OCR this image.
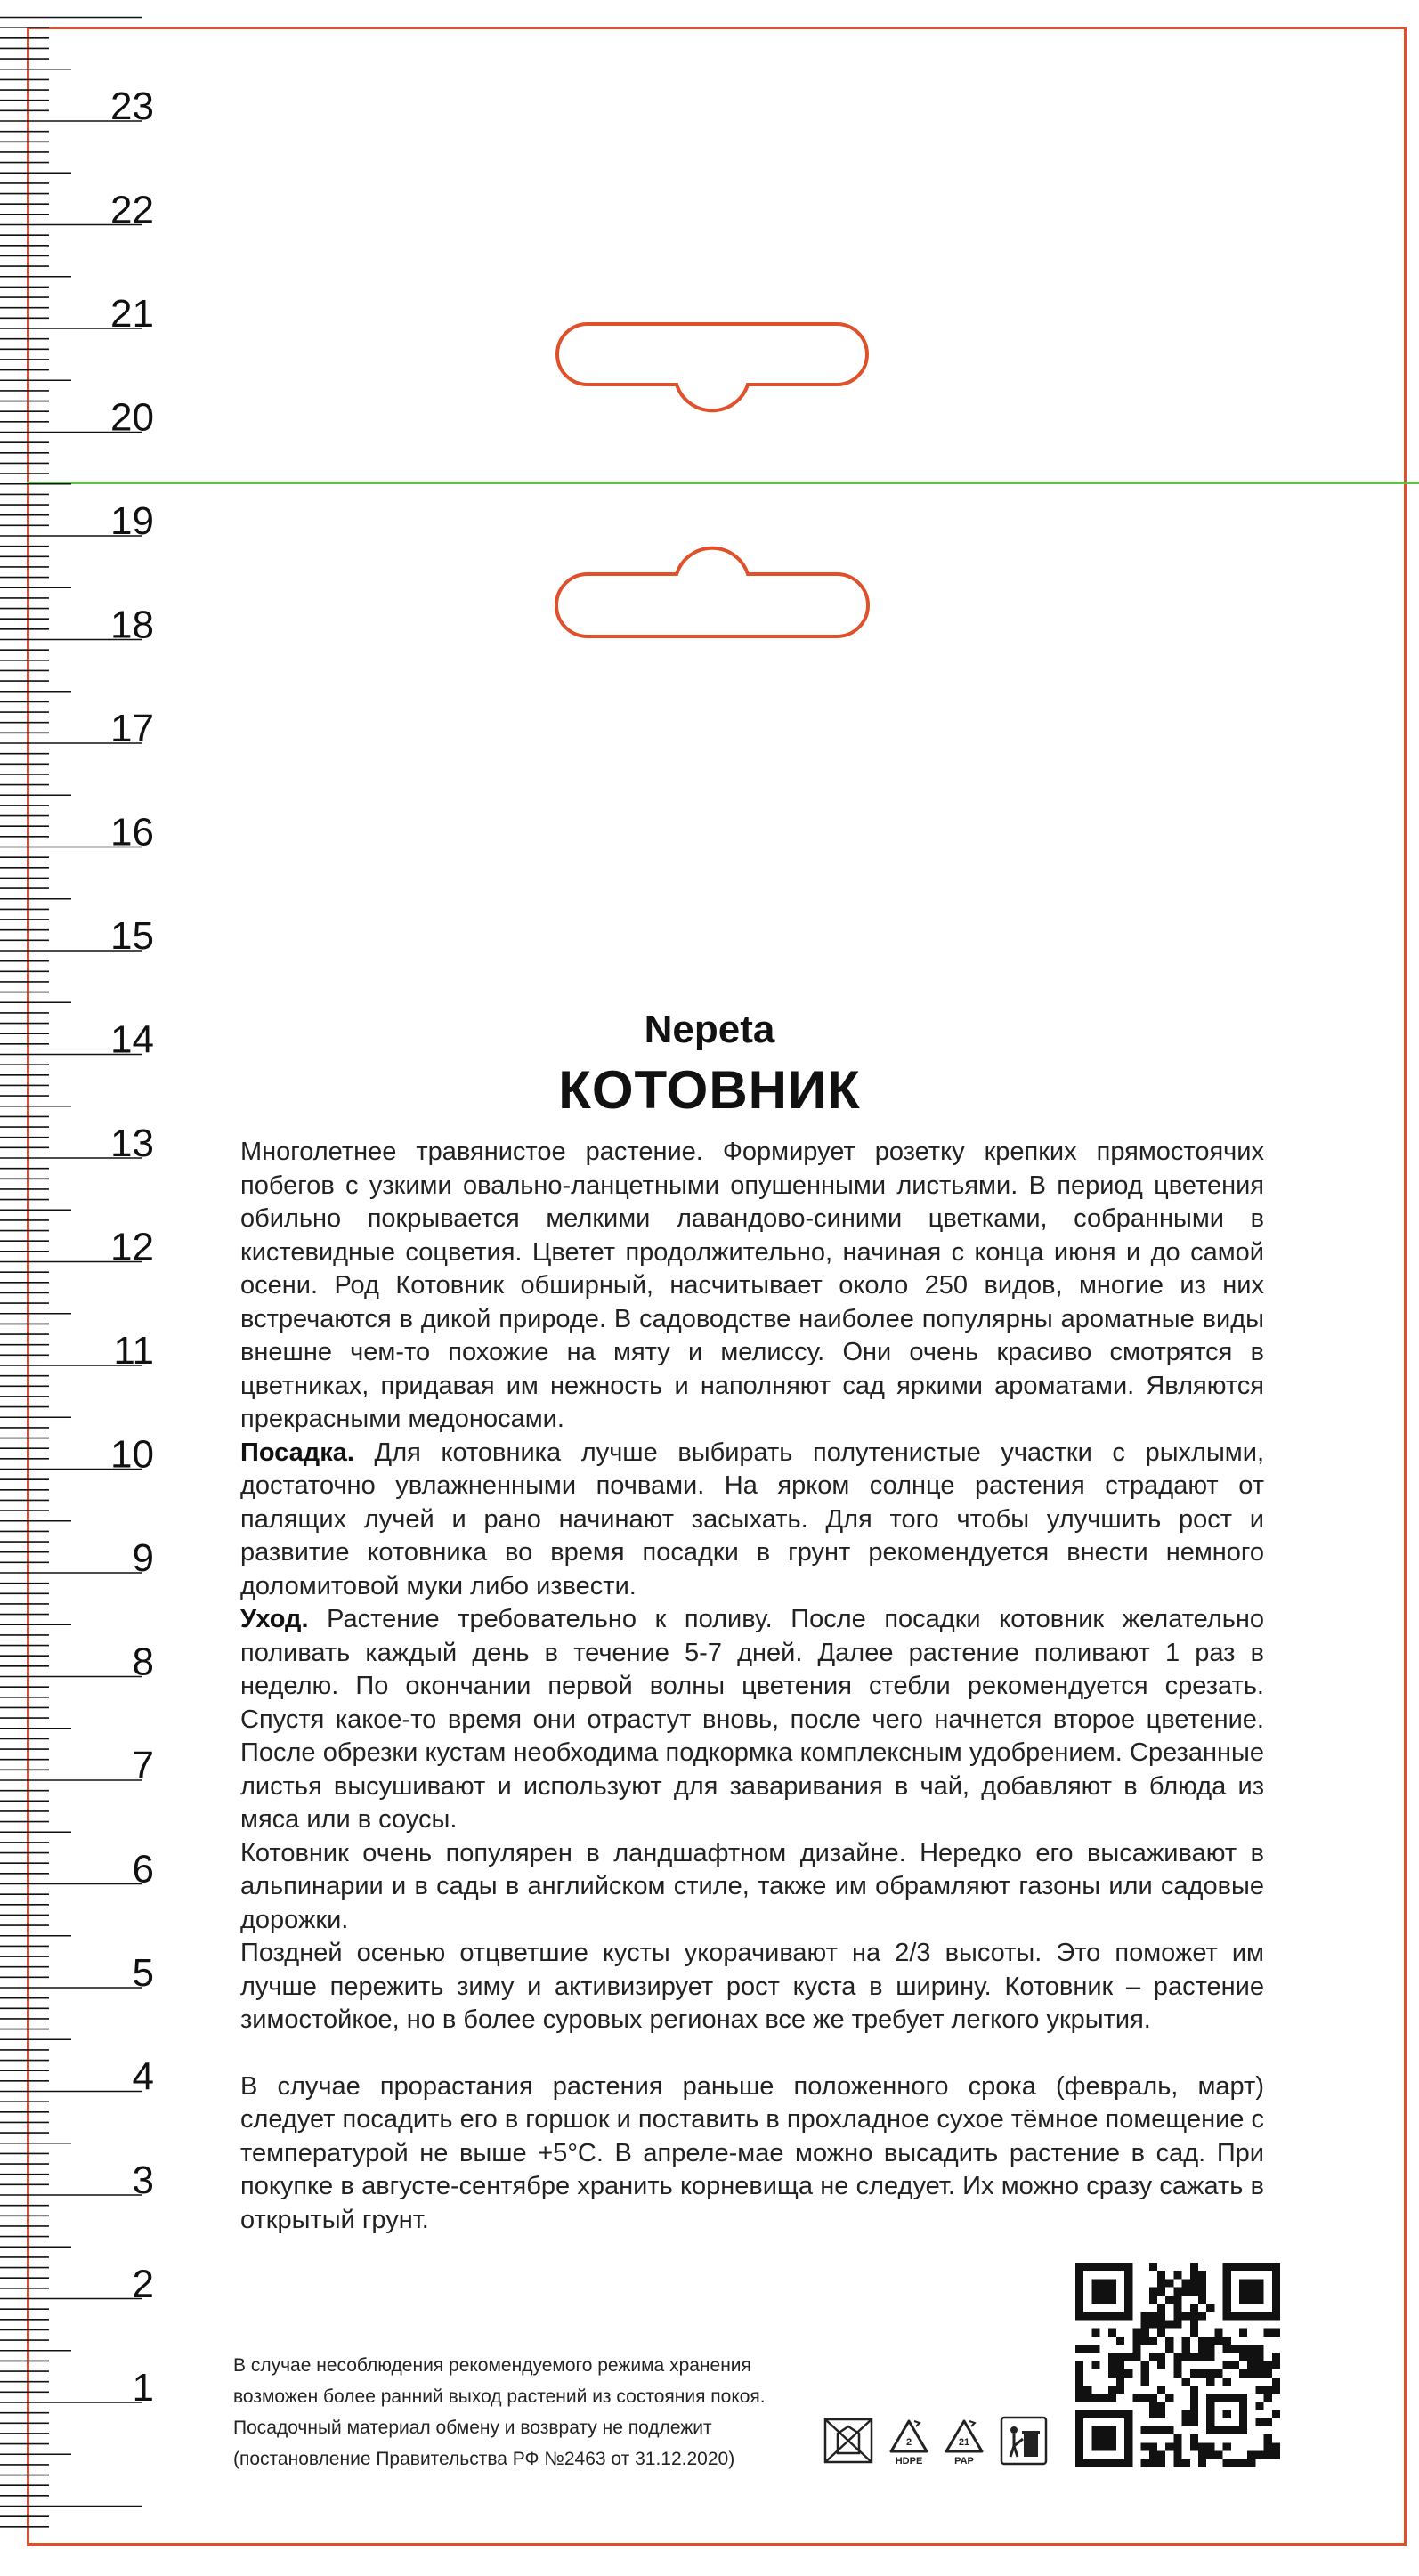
23
22
21
20
19
18
17
16
15
14
13
12
11
10
9
8
7
6
5
4
3
2
1
Nepeta
КОТОВНИК

Многолетнее травянистое растение. Формирует розетку крепких прямостоячих побегов с узкими овально-ланцетными опушенными листьями. В период цветения обильно покрывается мелкими лавандово-синими цветками, собранными в кистевидные соцветия. Цветет продолжительно, начиная с конца июня и до самой осени. Род Котовник обширный, насчитывает около 250 видов, многие из них встречаются в дикой природе. В садоводстве наиболее популярны ароматные виды внешне чем-то похожие на мяту и мелиссу. Они очень красиво смотрятся в цветниках, придавая им нежность и наполняют сад яркими ароматами. Являются прекрасными медоносами.

Посадка. Для котовника лучше выбирать полутенистые участки с рыхлыми, достаточно увлажненными почвами. На ярком солнце растения страдают от палящих лучей и рано начинают засыхать. Для того чтобы улучшить рост и развитие котовника во время посадки в грунт рекомендуется внести немного доломитовой муки либо извести.

Уход. Растение требовательно к поливу. После посадки котовник желательно поливать каждый день в течение 5-7 дней. Далее растение поливают 1 раз в неделю. По окончании первой волны цветения стебли рекомендуется срезать. Спустя какое-то время они отрастут вновь, после чего начнется второе цветение. После обрезки кустам необходима подкормка комплексным удобрением. Срезанные листья высушивают и используют для заваривания в чай, добавляют в блюда из мяса или в соусы.

Котовник очень популярен в ландшафтном дизайне. Нередко его высаживают в альпинарии и в сады в английском стиле, также им обрамляют газоны или садовые дорожки.

Поздней осенью отцветшие кусты укорачивают на 2/3 высоты. Это поможет им лучше пережить зиму и активизирует рост куста в ширину. Котовник – растение зимостойкое, но в более суровых регионах все же требует легкого укрытия.

В случае прорастания растения раньше положенного срока (февраль, март) следует посадить его в горшок и поставить в прохладное сухое тёмное помещение с температурой не выше +5°С. В апреле-мае можно высадить растение в сад. При покупке в августе-сентябре хранить корневища не следует. Их можно сразу сажать в открытый грунт.

В случае несоблюдения рекомендуемого режима хранения
возможен более ранний выход растений из состояния покоя.
Посадочный материал обмену и возврату не подлежит
(постановление Правительства РФ №2463 от 31.12.2020)
2
HDPE
21
PAP
